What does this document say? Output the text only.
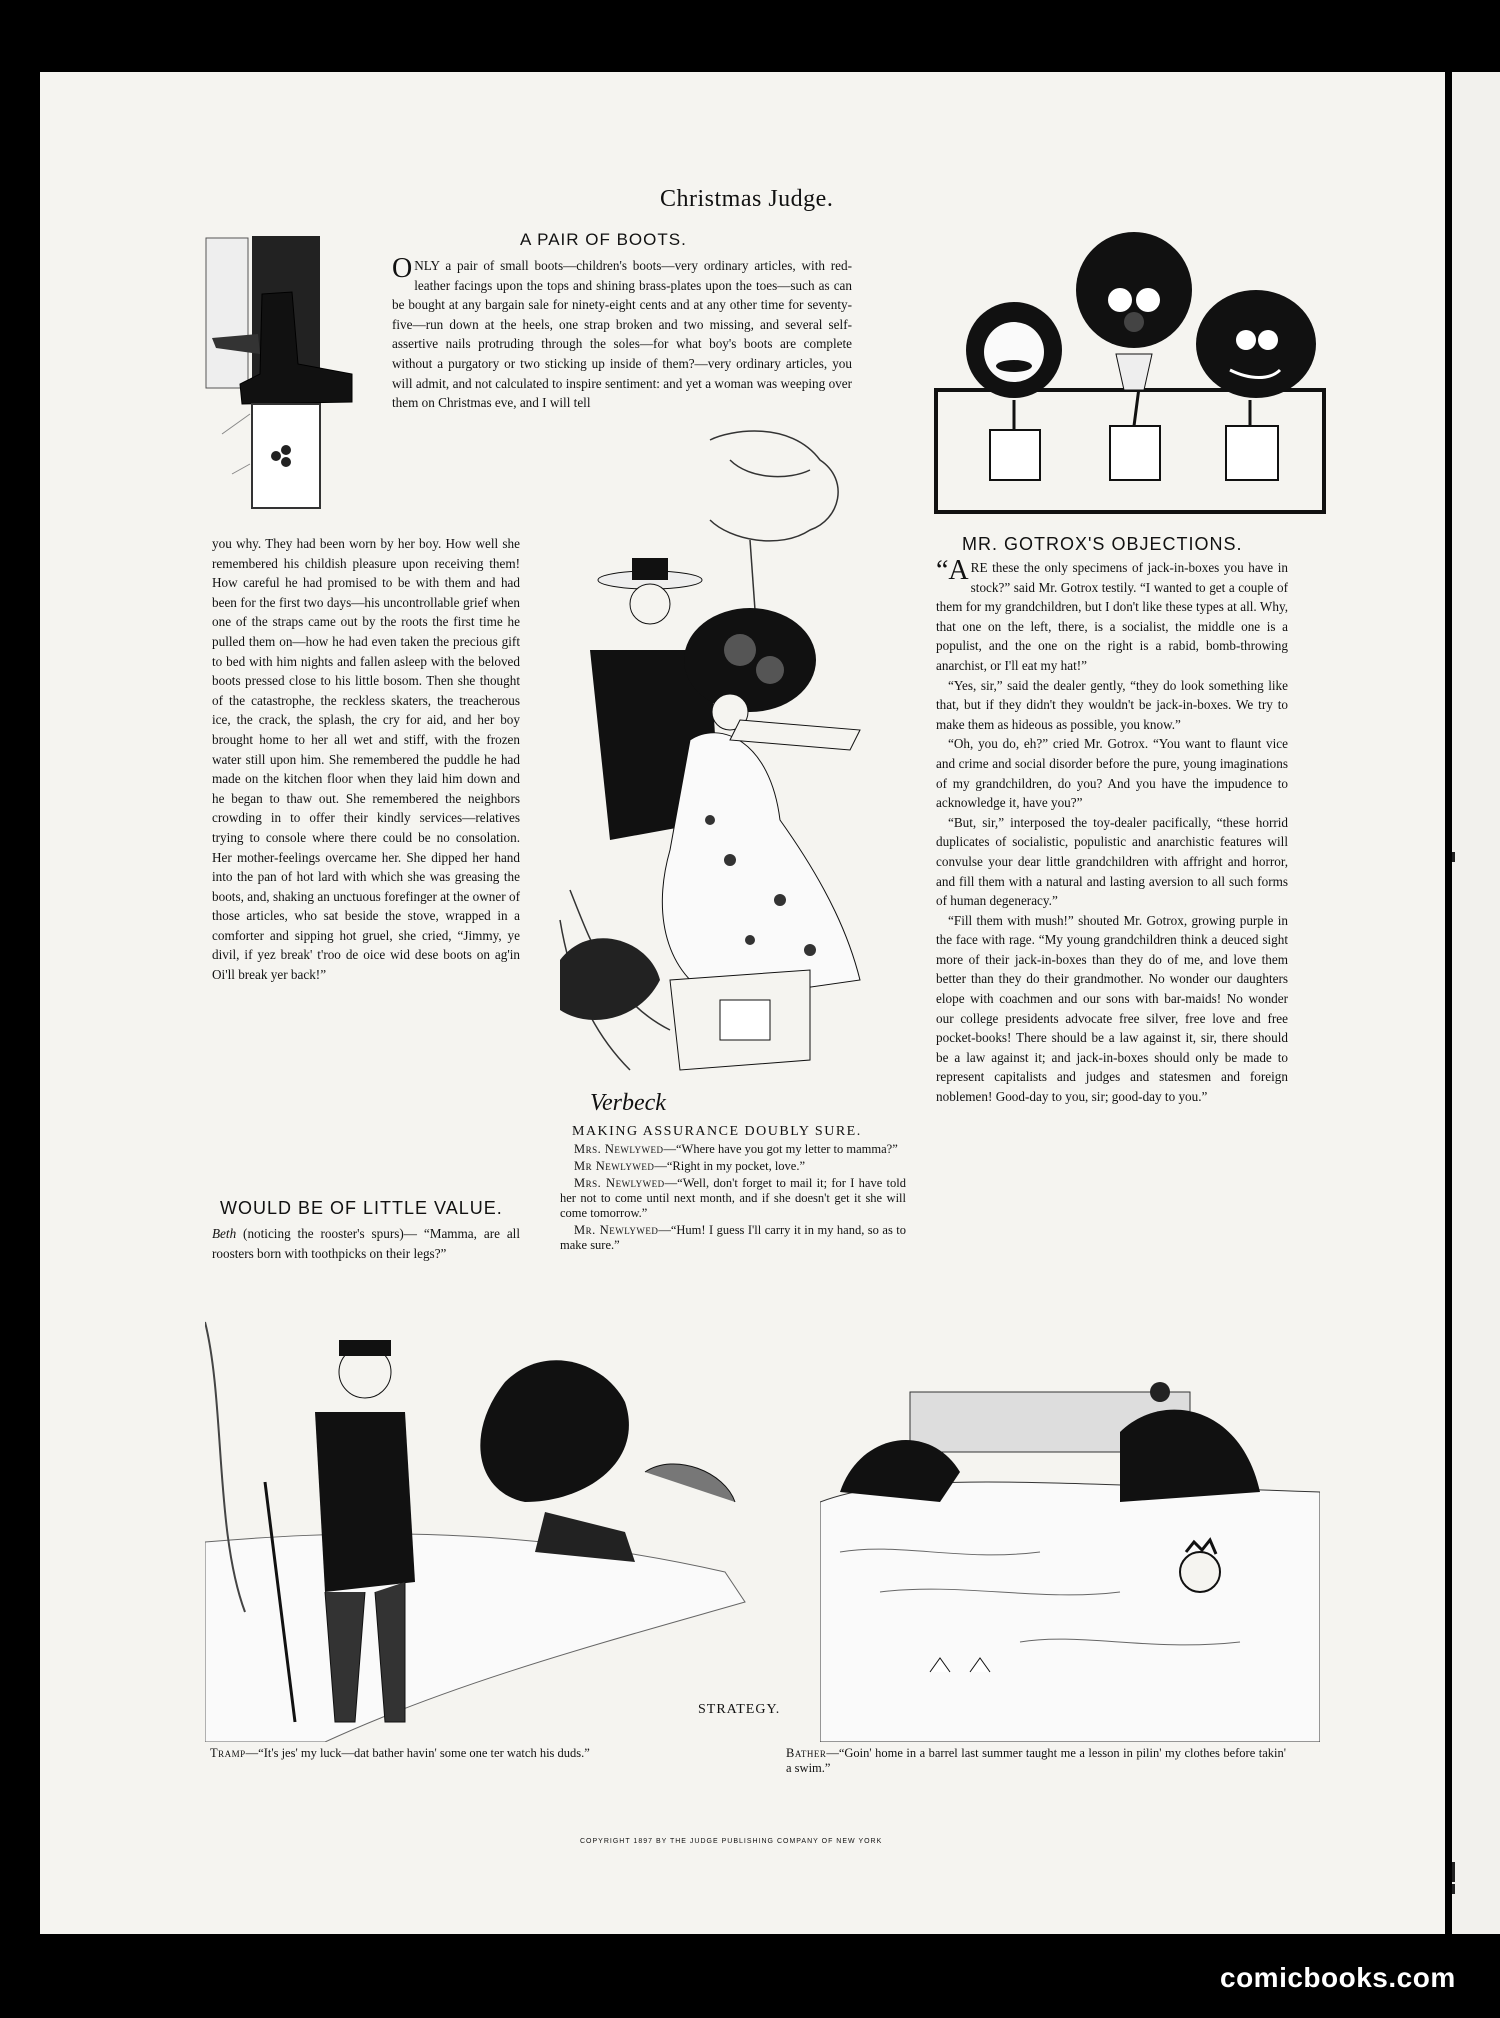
Christmas Judge.
A PAIR OF BOOTS.
ONLY a pair of small boots—children's boots—very ordinary articles, with red-leather facings upon the tops and shining brass-plates upon the toes—such as can be bought at any bargain sale for ninety-eight cents and at any other time for seventy-five—run down at the heels, one strap broken and two missing, and several self-assertive nails protruding through the soles—for what boy's boots are complete without a purgatory or two sticking up inside of them?—very ordinary articles, you will admit, and not calculated to inspire sentiment: and yet a woman was weeping over them on Christmas eve, and I will tell
you why. They had been worn by her boy. How well she remembered his childish pleasure upon receiving them! How careful he had promised to be with them and had been for the first two days—his uncontrollable grief when one of the straps came out by the roots the first time he pulled them on—how he had even taken the precious gift to bed with him nights and fallen asleep with the beloved boots pressed close to his little bosom. Then she thought of the catastrophe, the reckless skaters, the treacherous ice, the crack, the splash, the cry for aid, and her boy brought home to her all wet and stiff, with the frozen water still upon him. She remembered the puddle he had made on the kitchen floor when they laid him down and he began to thaw out. She remembered the neighbors crowding in to offer their kindly services—relatives trying to console where there could be no consolation. Her mother-feelings overcame her. She dipped her hand into the pan of hot lard with which she was greasing the boots, and, shaking an unctuous forefinger at the owner of those articles, who sat beside the stove, wrapped in a comforter and sipping hot gruel, she cried, “Jimmy, ye divil, if yez break' t'roo de oice wid dese boots on ag'in Oi'll break yer back!”
WOULD BE OF LITTLE VALUE.
Beth (noticing the rooster's spurs)— “Mamma, are all roosters born with toothpicks on their legs?”
Verbeck
MAKING ASSURANCE DOUBLY SURE.

Mrs. Newlywed—“Where have you got my letter to mamma?”

Mr Newlywed—“Right in my pocket, love.”

Mrs. Newlywed—“Well, don't forget to mail it; for I have told her not to come until next month, and if she doesn't get it she will come tomorrow.”

Mr. Newlywed—“Hum! I guess I'll carry it in my hand, so as to make sure.”

MR. GOTROX'S OBJECTIONS.

“ARE these the only specimens of jack-in-boxes you have in stock?” said Mr. Gotrox testily. “I wanted to get a couple of them for my grandchildren, but I don't like these types at all. Why, that one on the left, there, is a socialist, the middle one is a populist, and the one on the right is a rabid, bomb-throwing anarchist, or I'll eat my hat!”

“Yes, sir,” said the dealer gently, “they do look something like that, but if they didn't they wouldn't be jack-in-boxes. We try to make them as hideous as possible, you know.”

“Oh, you do, eh?” cried Mr. Gotrox. “You want to flaunt vice and crime and social disorder before the pure, young imaginations of my grandchildren, do you? And you have the impudence to acknowledge it, have you?”

“But, sir,” interposed the toy-dealer pacifically, “these horrid duplicates of socialistic, populistic and anarchistic features will convulse your dear little grandchildren with affright and horror, and fill them with a natural and lasting aversion to all such forms of human degeneracy.”

“Fill them with mush!” shouted Mr. Gotrox, growing purple in the face with rage. “My young grandchildren think a deuced sight more of their jack-in-boxes than they do of me, and love them better than they do their grandmother. No wonder our daughters elope with coachmen and our sons with bar-maids! No wonder our college presidents advocate free silver, free love and free pocket-books! There should be a law against it, sir, there should be a law against it; and jack-in-boxes should only be made to represent capitalists and judges and statesmen and foreign noblemen! Good-day to you, sir; good-day to you.”

STRATEGY.
Tramp—“It's jes' my luck—dat bather havin' some one ter watch his duds.”	Bather—“Goin' home in a barrel last summer taught me a lesson in pilin' my clothes before takin' a swim.”
COPYRIGHT 1897 BY THE JUDGE PUBLISHING COMPANY OF NEW YORK
comicbooks.com
